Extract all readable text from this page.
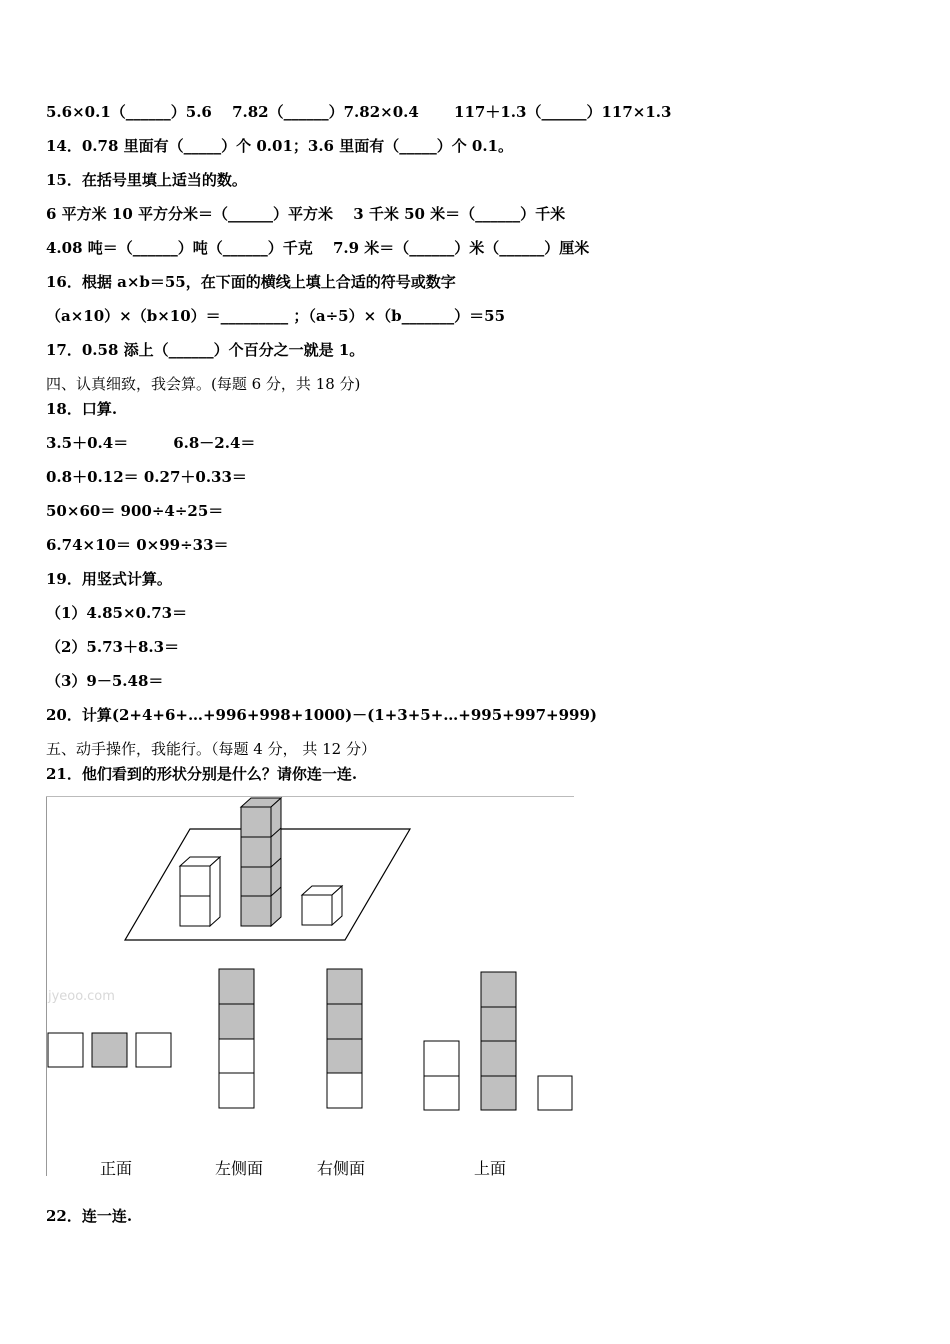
5.6×0.1（______）5.6　 7.82（______）7.82×0.4　　 117＋1.3（______）117×1.3
14．0.78 里面有（_____）个 0.01；3.6 里面有（_____）个 0.1。
15．在括号里填上适当的数。
6 平方米 10 平方分米＝（______）平方米　 3 千米 50 米＝（______）千米
4.08 吨＝（______）吨（______）千克　 7.9 米＝（______）米（______）厘米
16．根据 a×b＝55，在下面的横线上填上合适的符号或数字
（a×10）×（b×10）＝_________ ；（a÷5）×（b_______）＝55
17．0.58 添上（______）个百分之一就是 1。
四、认真细致，我会算。(每题 6 分，共 18 分)
18．口算.
3.5＋0.4＝　　　6.8－2.4＝
0.8＋0.12＝ 0.27＋0.33＝
50×60＝ 900÷4÷25＝
6.74×10＝ 0×99÷33＝
19．用竖式计算。
（1）4.85×0.73＝
（2）5.73＋8.3＝
（3）9－5.48＝
20．计算(2+4+6+…+996+998+1000)－(1+3+5+…+995+997+999)
五、动手操作，我能行。（每题 4 分， 共 12 分）
21．他们看到的形状分别是什么？请你连一连.
22．连一连.
jyeoo.com
正面	左侧面	右侧面	上面
